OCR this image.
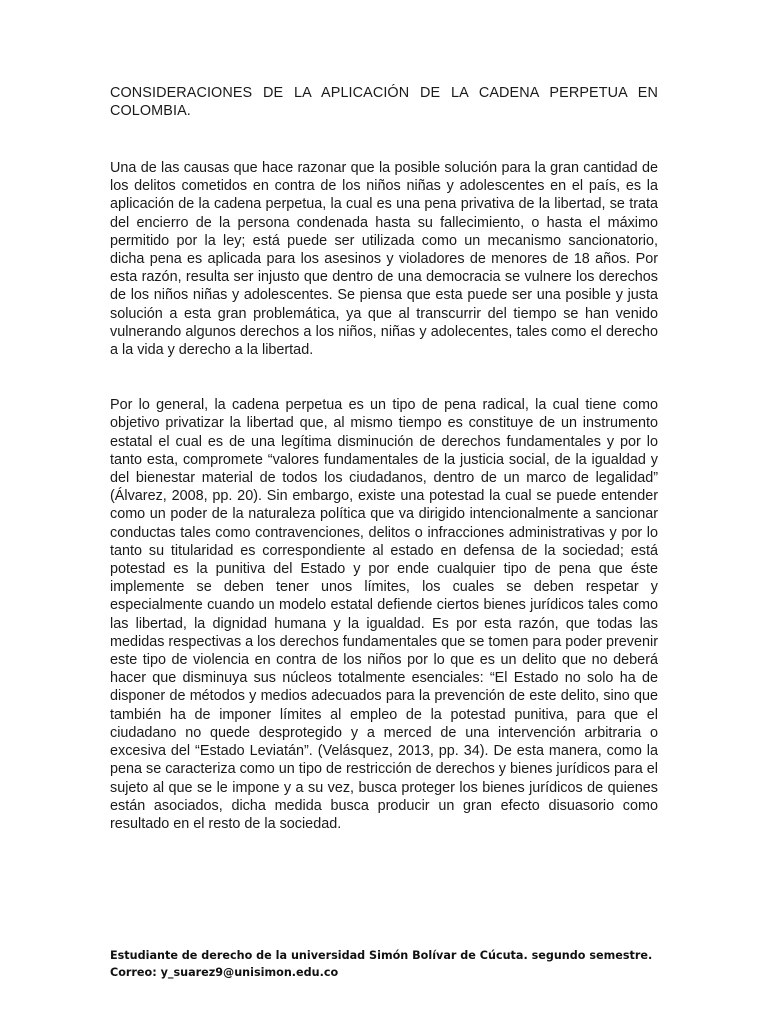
CONSIDERACIONES DE LA APLICACIÓN DE LA CADENA PERPETUA EN COLOMBIA.

Una de las causas que hace razonar que la posible solución para la gran cantidad de los delitos cometidos en contra de los niños niñas y adolescentes en el país, es la aplicación de la cadena perpetua, la cual es una pena privativa de la libertad, se trata del encierro de la persona condenada hasta su fallecimiento, o hasta el máximo permitido por la ley; está puede ser utilizada como un mecanismo sancionatorio, dicha pena es aplicada para los asesinos y violadores de menores de 18 años. Por esta razón, resulta ser injusto que dentro de una democracia se vulnere los derechos de los niños niñas y adolescentes. Se piensa que esta puede ser una posible y justa solución a esta gran problemática, ya que al transcurrir del tiempo se han venido vulnerando algunos derechos a los niños, niñas y adolecentes, tales como el derecho a la vida y derecho a la libertad.

Por lo general, la cadena perpetua es un tipo de pena radical, la cual tiene como objetivo privatizar la libertad que, al mismo tiempo es constituye de un instrumento estatal el cual es de una legítima disminución de derechos fundamentales y por lo tanto esta, compromete “valores fundamentales de la justicia social, de la igualdad y del bienestar material de todos los ciudadanos, dentro de un marco de legalidad” (Álvarez, 2008, pp. 20). Sin embargo, existe una potestad la cual se puede entender como un poder de la naturaleza política que va dirigido intencionalmente a sancionar conductas tales como contravenciones, delitos o infracciones administrativas y por lo tanto su titularidad es correspondiente al estado en defensa de la sociedad; está potestad es la punitiva del Estado y por ende cualquier tipo de pena que éste implemente se deben tener unos límites, los cuales se deben respetar y especialmente cuando un modelo estatal defiende ciertos bienes jurídicos tales como las libertad, la dignidad humana y la igualdad. Es por esta razón, que todas las medidas respectivas a los derechos fundamentales que se tomen para poder prevenir este tipo de violencia en contra de los niños por lo que es un delito que no deberá hacer que disminuya sus núcleos totalmente esenciales: “El Estado no solo ha de disponer de métodos y medios adecuados para la prevención de este delito, sino que también ha de imponer límites al empleo de la potestad punitiva, para que el ciudadano no quede desprotegido y a merced de una intervención arbitraria o excesiva del “Estado Leviatán”. (Velásquez, 2013, pp. 34). De esta manera, como la pena se caracteriza como un tipo de restricción de derechos y bienes jurídicos para el sujeto al que se le impone y a su vez, busca proteger los bienes jurídicos de quienes están asociados, dicha medida busca producir un gran efecto disuasorio como resultado en el resto de la sociedad.

Estudiante de derecho de la universidad Simón Bolívar de Cúcuta. segundo semestre. Correo: y_suarez9@unisimon.edu.co
